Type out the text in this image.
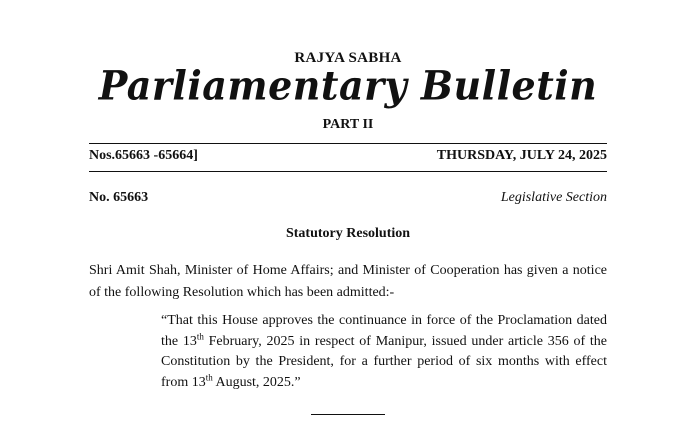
RAJYA SABHA
Parliamentary Bulletin
PART II
Nos.65663 -65664]	THURSDAY, JULY 24, 2025
No. 65663	Legislative Section
Statutory Resolution
Shri Amit Shah, Minister of Home Affairs; and Minister of Cooperation has given a notice of the following Resolution which has been admitted:-
“That this House approves the continuance in force of the Proclamation dated the 13th February, 2025 in respect of Manipur, issued under article 356 of the Constitution by the President, for a further period of six months with effect from 13th August, 2025.”
